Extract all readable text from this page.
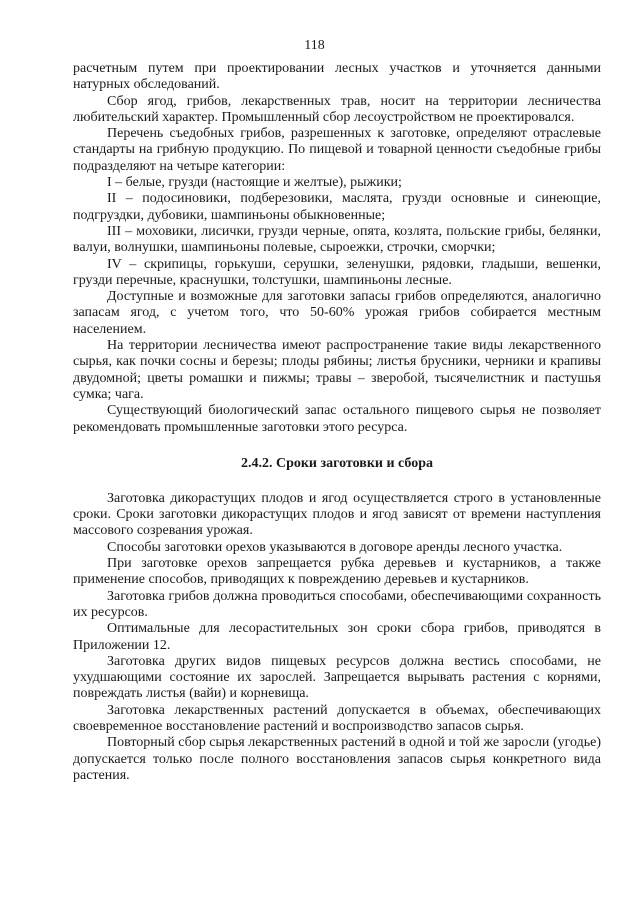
118

расчетным путем при проектировании лесных участков и уточняется данными натурных обследований.

Сбор ягод, грибов, лекарственных трав, носит на территории лесничества любительский характер. Промышленный сбор лесоустройством не проектировался.

Перечень съедобных грибов, разрешенных к заготовке, определяют отраслевые стандарты на грибную продукцию. По пищевой и товарной ценности съедобные грибы подразделяют на четыре категории:

I – белые, грузди (настоящие и желтые), рыжики;

II – подосиновики, подберезовики, маслята, грузди основные и синеющие, подгруздки, дубовики, шампиньоны обыкновенные;

III – моховики, лисички, грузди черные, опята, козлята, польские грибы, белянки, валуи, волнушки, шампиньоны полевые, сыроежки, строчки, сморчки;

IV – скрипицы, горькуши, серушки, зеленушки, рядовки, гладыши, вешенки, грузди перечные, краснушки, толстушки, шампиньоны лесные.

Доступные и возможные для заготовки запасы грибов определяются, аналогично запасам ягод, с учетом того, что 50-60% урожая грибов собирается местным населением.

На территории лесничества имеют распространение такие виды лекарственного сырья, как почки сосны и березы; плоды рябины; листья брусники, черники и крапивы двудомной; цветы ромашки и пижмы; травы – зверобой, тысячелистник и пастушья сумка; чага.

Существующий биологический запас остального пищевого сырья не позволяет рекомендовать промышленные заготовки этого ресурса.

2.4.2. Сроки заготовки и сбора

Заготовка дикорастущих плодов и ягод осуществляется строго в установленные сроки. Сроки заготовки дикорастущих плодов и ягод зависят от времени наступления массового созревания урожая.

Способы заготовки орехов указываются в договоре аренды лесного участка.

При заготовке орехов запрещается рубка деревьев и кустарников, а также применение способов, приводящих к повреждению деревьев и кустарников.

Заготовка грибов должна проводиться способами, обеспечивающими сохранность их ресурсов.

Оптимальные для лесорастительных зон сроки сбора грибов, приводятся в Приложении 12.

Заготовка других видов пищевых ресурсов должна вестись способами, не ухудшающими состояние их зарослей. Запрещается вырывать растения с корнями, повреждать листья (вайи) и корневища.

Заготовка лекарственных растений допускается в объемах, обеспечивающих своевременное восстановление растений и воспроизводство запасов сырья.

Повторный сбор сырья лекарственных растений в одной и той же заросли (угодье) допускается только после полного восстановления запасов сырья конкретного вида растения.
